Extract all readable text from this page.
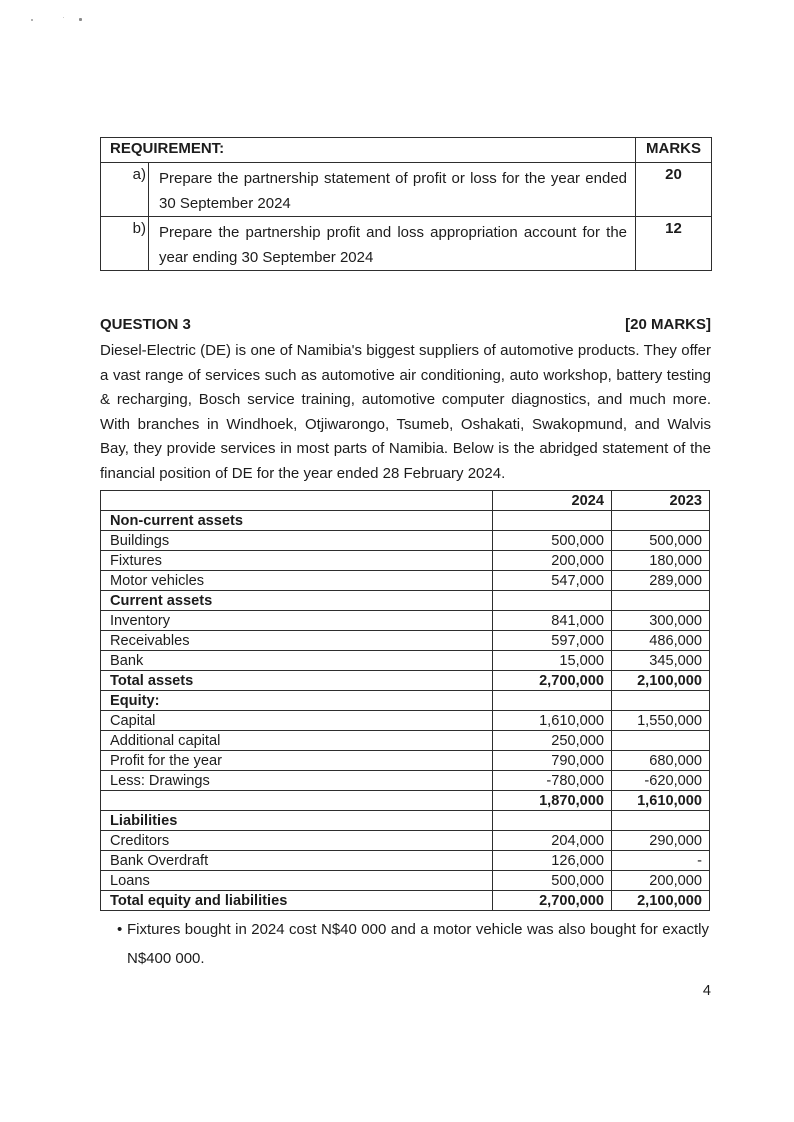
REQUIREMENT:		MARKS
a)	Prepare the partnership statement of profit or loss for the year ended 30 September 2024	20
b)	Prepare the partnership profit and loss appropriation account for the year ending 30 September 2024	12
QUESTION 3	[20 MARKS]
Diesel-Electric (DE) is one of Namibia's biggest suppliers of automotive products. They offer a vast range of services such as automotive air conditioning, auto workshop, battery testing & recharging, Bosch service training, automotive computer diagnostics, and much more. With branches in Windhoek, Otjiwarongo, Tsumeb, Oshakati, Swakopmund, and Walvis Bay, they provide services in most parts of Namibia. Below is the abridged statement of the financial position of DE for the year ended 28 February 2024.
	2024	2023
Non-current assets		
Buildings	500,000	500,000
Fixtures	200,000	180,000
Motor vehicles	547,000	289,000
Current assets		
Inventory	841,000	300,000
Receivables	597,000	486,000
Bank	15,000	345,000
Total assets	2,700,000	2,100,000
Equity:		
Capital	1,610,000	1,550,000
Additional capital	250,000	
Profit for the year	790,000	680,000
Less: Drawings	-780,000	-620,000
	1,870,000	1,610,000
Liabilities		
Creditors	204,000	290,000
Bank Overdraft	126,000	-
Loans	500,000	200,000
Total equity and liabilities	2,700,000	2,100,000
• Fixtures bought in 2024 cost N$40 000 and a motor vehicle was also bought for exactly N$400 000.
4
